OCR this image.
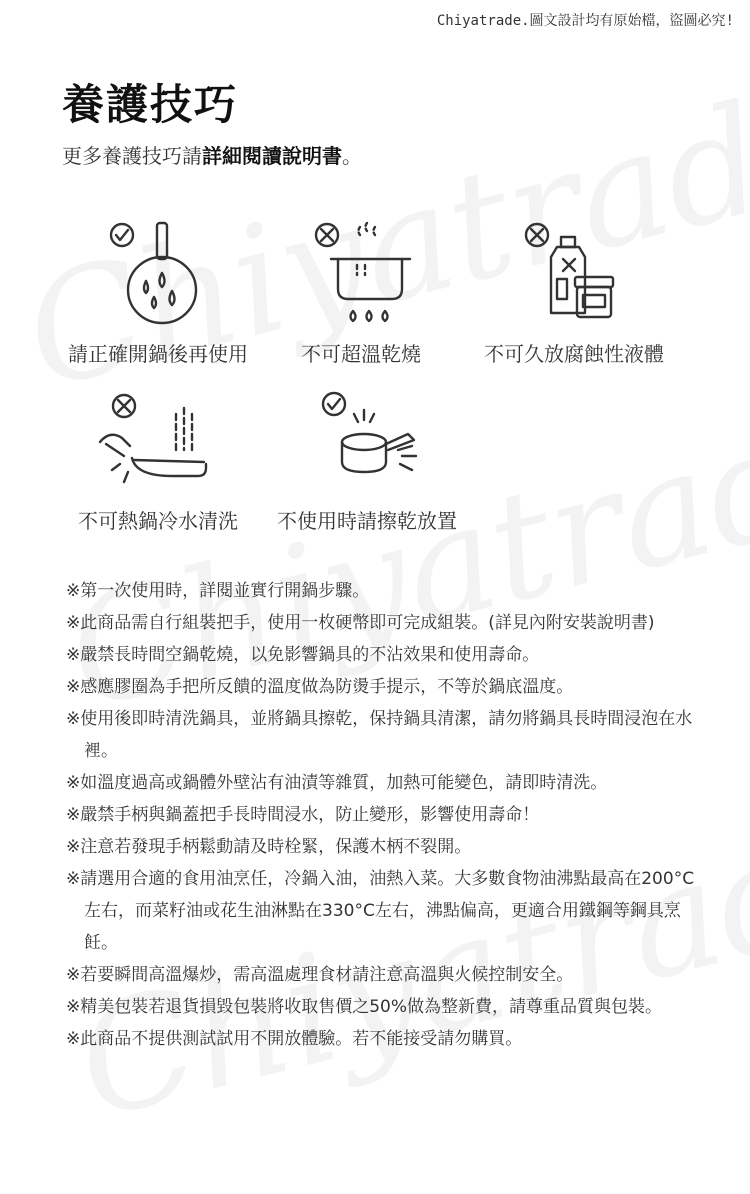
Chiyatrade.圖文設計均有原始檔，盜圖必究!
養護技巧
更多養護技巧請詳細閱讀說明書。
請正確開鍋後再使用	不可超溫乾燒	不可久放腐蝕性液體
不可熱鍋冷水清洗 不使用時請擦乾放置
※第一次使用時，詳閱並實行開鍋步驟。
※此商品需自行組裝把手，使用一枚硬幣即可完成組裝。(詳見內附安裝說明書)
※嚴禁長時間空鍋乾燒，以免影響鍋具的不沾效果和使用壽命。
※感應膠圈為手把所反饋的溫度做為防燙手提示，不等於鍋底溫度。
※使用後即時清洗鍋具，並將鍋具擦乾，保持鍋具清潔，請勿將鍋具長時間浸泡在水裡。
※如溫度過高或鍋體外壁沾有油漬等雜質，加熱可能變色，請即時清洗。
※嚴禁手柄與鍋蓋把手長時間浸水，防止變形，影響使用壽命！
※注意若發現手柄鬆動請及時栓緊，保護木柄不裂開。
※請選用合適的食用油烹任，冷鍋入油，油熱入菜。大多數食物油沸點最高在200°C左右，而菜籽油或花生油淋點在330°C左右，沸點偏高，更適合用鐵鋼等鋼具烹飪。
※若要瞬間高溫爆炒，需高溫處理食材請注意高溫與火候控制安全。
※精美包裝若退貨損毀包裝將收取售價之50%做為整新費，請尊重品質與包裝。
※此商品不提供測試試用不開放體驗。若不能接受請勿購買。
